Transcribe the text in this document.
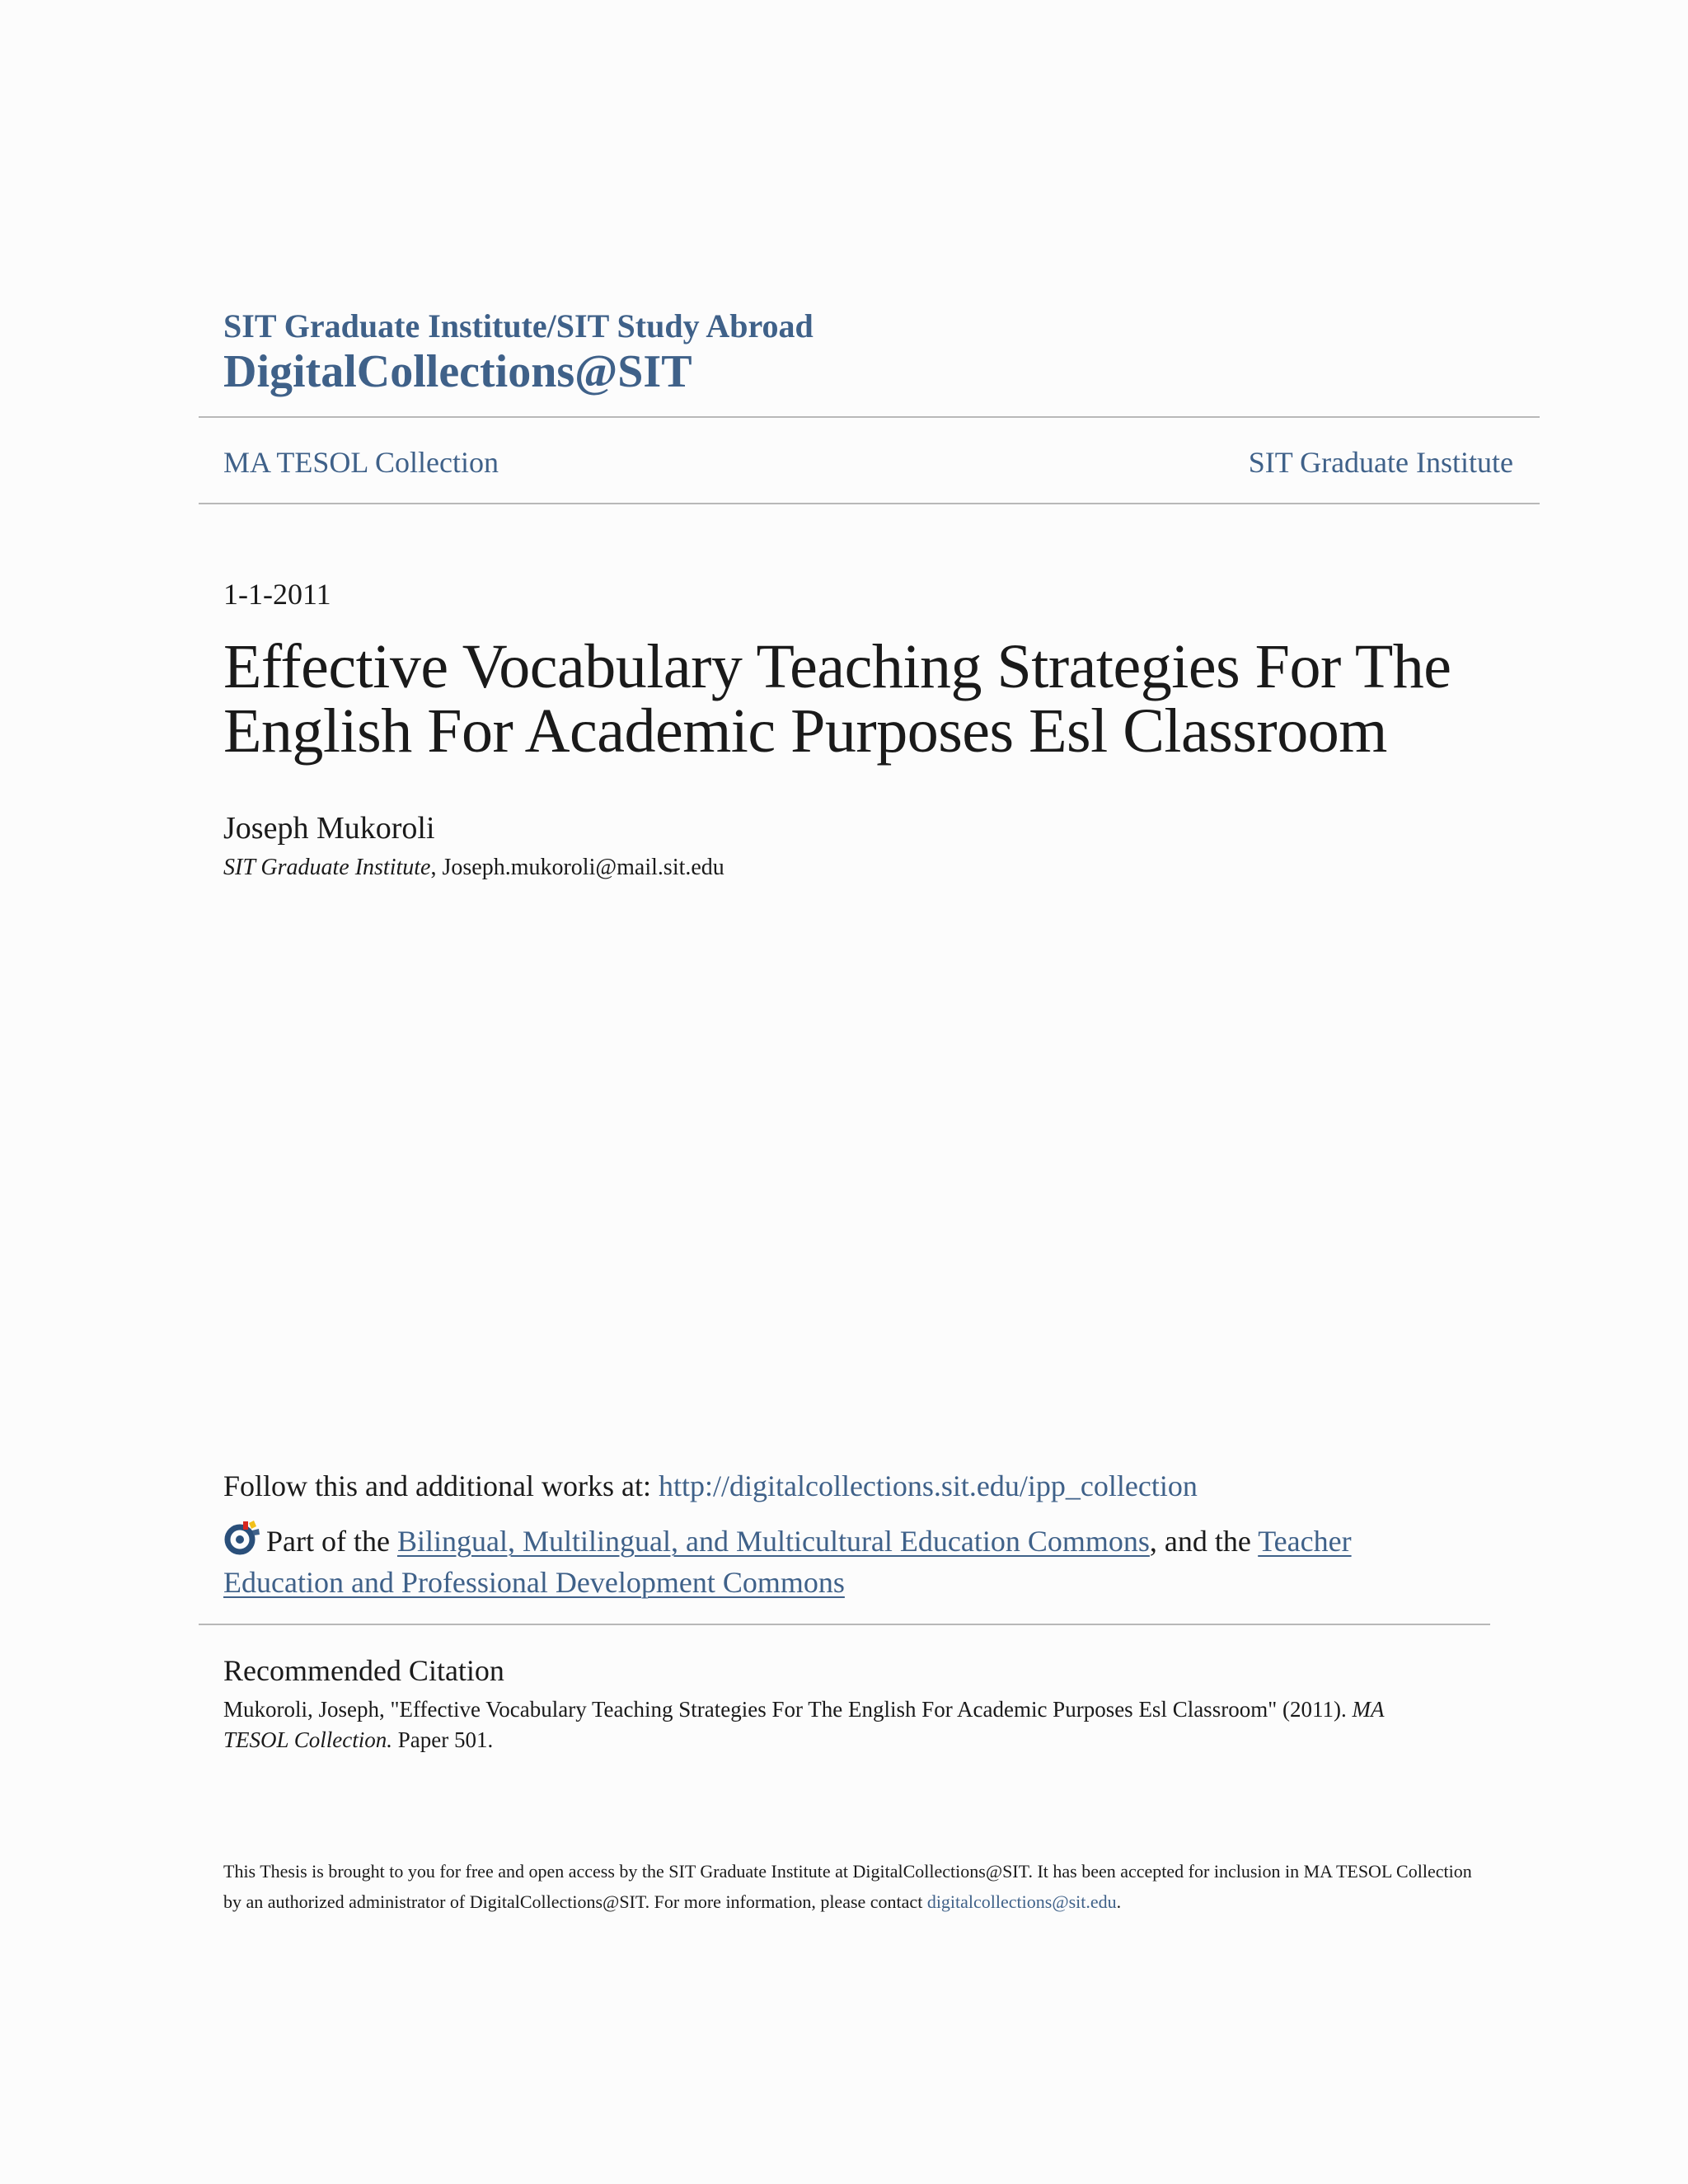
SIT Graduate Institute/SIT Study Abroad
DigitalCollections@SIT
MA TESOL Collection	SIT Graduate Institute
1-1-2011
Effective Vocabulary Teaching Strategies For The
English For Academic Purposes Esl Classroom
Joseph Mukoroli
SIT Graduate Institute, Joseph.mukoroli@mail.sit.edu
Follow this and additional works at: http://digitalcollections.sit.edu/ipp_collection
Part of the Bilingual, Multilingual, and Multicultural Education Commons, and the Teacher Education and Professional Development Commons
Recommended Citation
Mukoroli, Joseph, "Effective Vocabulary Teaching Strategies For The English For Academic Purposes Esl Classroom" (2011). MA TESOL Collection. Paper 501.
This Thesis is brought to you for free and open access by the SIT Graduate Institute at DigitalCollections@SIT. It has been accepted for inclusion in MA TESOL Collection by an authorized administrator of DigitalCollections@SIT. For more information, please contact digitalcollections@sit.edu.
